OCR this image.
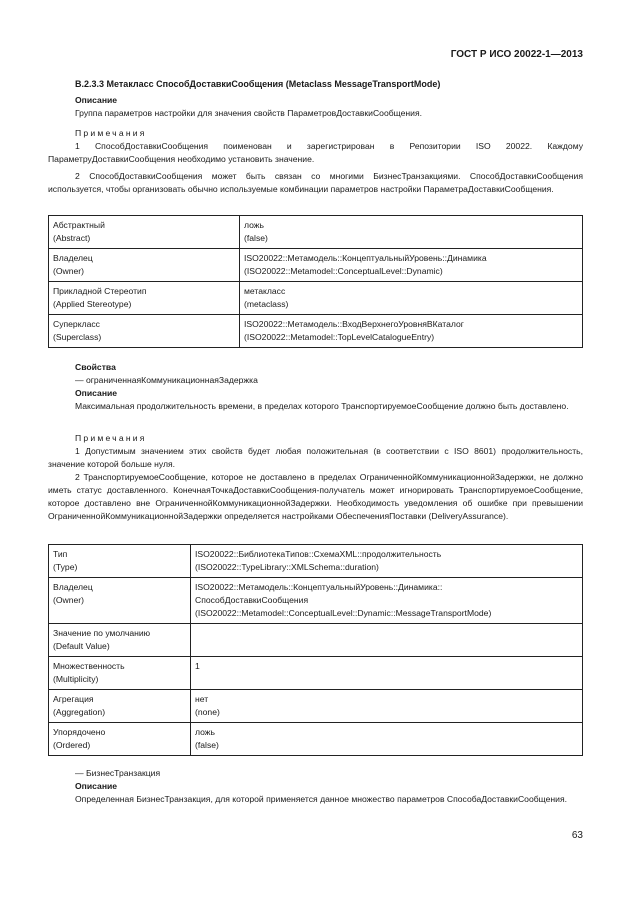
ГОСТ Р ИСО 20022-1—2013
B.2.3.3 Метакласс СпособДоставкиСообщения (Metaclass MessageTransportMode)
Описание

Группа параметров настройки для значения свойств ПараметровДоставкиСообщения.

Примечания

1 СпособДоставкиСообщения поименован и зарегистрирован в Репозитории ISO 20022. Каждому ПараметруДоставкиСообщения необходимо установить значение.

2 СпособДоставкиСообщения может быть связан со многими БизнесТранзакциями. СпособДоставкиСообщения используется, чтобы организовать обычно используемые комбинации параметров настройки ПараметраДоставкиСообщения.

Абстрактный
(Abstract)	ложь
(false)

Владелец
(Owner)	ISO20022::Метамодель::КонцептуальныйУровень::Динамика
(ISO20022::Metamodel::ConceptualLevel::Dynamic)

Прикладной Стереотип
(Applied Stereotype)	метакласс
(metaclass)

Суперкласс
(Superclass)	ISO20022::Метамодель::ВходВерхнегоУровняВКаталог
(ISO20022::Metamodel::TopLevelCatalogueEntry)
Свойства
— ограниченнаяКоммуникационнаяЗадержка
Описание

Максимальная продолжительность времени, в пределах которого ТранспортируемоеСообщение должно быть доставлено.

Примечания

1 Допустимым значением этих свойств будет любая положительная (в соответствии с ISO 8601) продолжительность, значение которой больше нуля.

2 ТранспортируемоеСообщение, которое не доставлено в пределах ОграниченнойКоммуникационнойЗадержки, не должно иметь статус доставленного. КонечнаяТочкаДоставкиСообщения-получатель может игнорировать ТранспортируемоеСообщение, которое доставлено вне ОграниченнойКоммуникационнойЗадержки. Необходимость уведомления об ошибке при превышении ОграниченнойКоммуникационнойЗадержки определяется настройками ОбеспеченияПоставки (DeliveryAssurance).

Тип
(Type)	ISO20022::БиблиотекаТипов::СхемаXML::продолжительность
(ISO20022::TypeLibrary::XMLSchema::duration)

Владелец
(Owner)	ISO20022::Метамодель::КонцептуальныйУровень::Динамика::
СпособДоставкиСообщения
(ISO20022::Metamodel::ConceptualLevel::Dynamic::MessageTransportMode)

Значение по умолчанию
(Default Value)	

Множественность
(Multiplicity)	1

Агрегация
(Aggregation)	нет
(none)

Упорядочено
(Ordered)	ложь
(false)
— БизнесТранзакция
Описание

Определенная БизнесТранзакция, для которой применяется данное множество параметров СпособаДоставкиСообщения.

63
